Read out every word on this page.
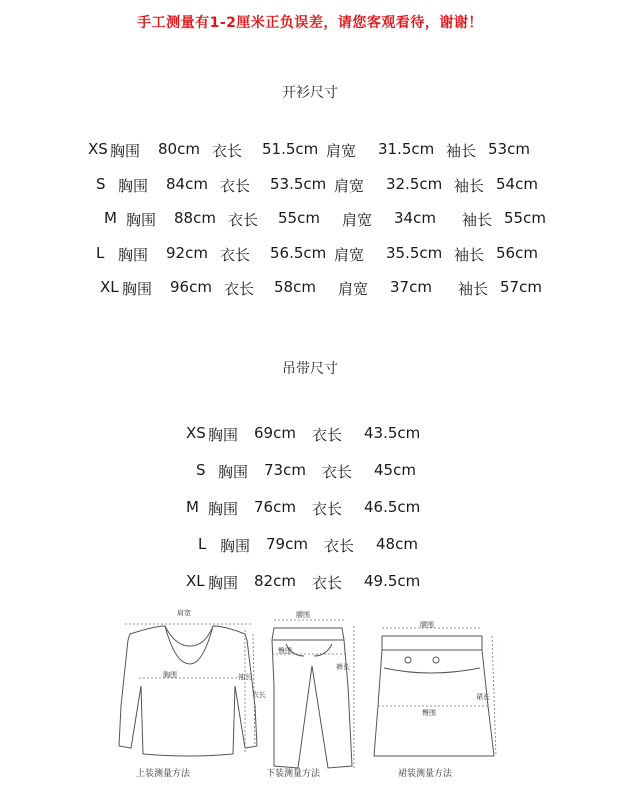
手工测量有1-2厘米正负误差，请您客观看待，谢谢！
开衫尺寸
XS 胸围 80cm 衣长 51.5cm 肩宽 31.5cm 袖长 53cm
S 胸围 84cm 衣长 53.5cm 肩宽 32.5cm 袖长 54cm
M 胸围 88cm 衣长 55cm 肩宽 34cm 袖长 55cm
L 胸围 92cm 衣长 56.5cm 肩宽 35.5cm 袖长 56cm
XL 胸围 96cm 衣长 58cm 肩宽 37cm 袖长 57cm
吊带尺寸
XS 胸围 69cm 衣长 43.5cm
S 胸围 73cm 衣长 45cm
M 胸围 76cm 衣长 46.5cm
L 胸围 79cm 衣长 48cm
XL 胸围 82cm 衣长 49.5cm
肩宽
胸围	袖长
衣长
上装测量方法
腰围
臀围
裤长
下装测量方法
腰围
臀围
裙长
裙装测量方法
